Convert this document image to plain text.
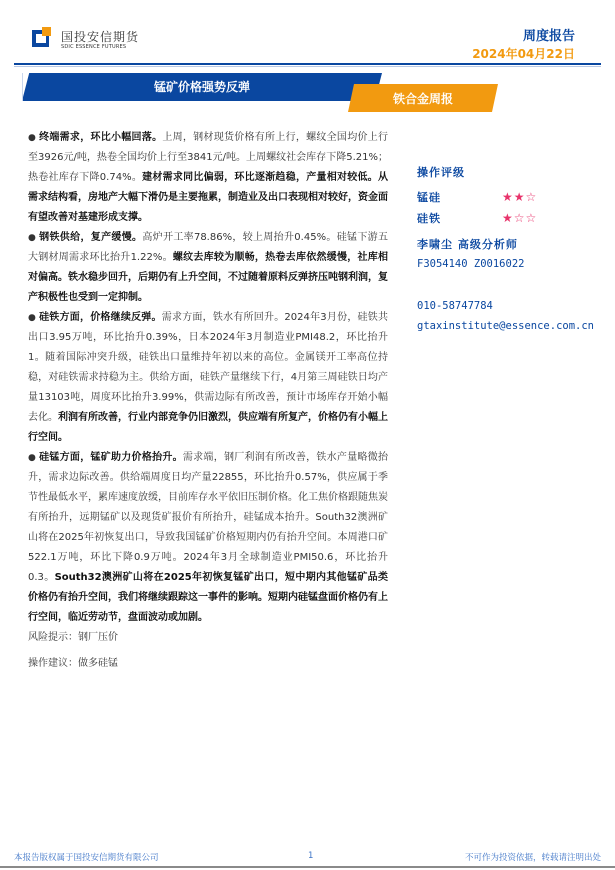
国投安信期货
SDIC ESSENCE FUTURES
周度报告
2024年04月22日
锰矿价格强势反弹
铁合金周报

● 终端需求，环比小幅回落。上周，钢材现货价格有所上行，螺纹全国均价上行至3926元/吨，热卷全国均价上行至3841元/吨。上周螺纹社会库存下降5.21%；热卷社库存下降0.74%。建材需求同比偏弱，环比逐渐趋稳，产量相对较低。从需求结构看，房地产大幅下滑仍是主要拖累，制造业及出口表现相对较好，资金面有望改善对基建形成支撑。

● 钢铁供给，复产缓慢。高炉开工率78.86%，较上周抬升0.45%。硅锰下游五大钢材周需求环比抬升1.22%。螺纹去库较为顺畅，热卷去库依然缓慢，社库相对偏高。铁水稳步回升，后期仍有上升空间，不过随着原料反弹挤压吨钢利润，复产积极性也受到一定抑制。

● 硅铁方面，价格继续反弹。需求方面，铁水有所回升。2024年3月份，硅铁共出口3.95万吨，环比抬升0.39%，日本2024年3月制造业PMI48.2，环比抬升1。随着国际冲突升级，硅铁出口量维持年初以来的高位。金属镁开工率高位持稳，对硅铁需求持稳为主。供给方面，硅铁产量继续下行，4月第三周硅铁日均产量13103吨，周度环比抬升3.99%，供需边际有所改善，预计市场库存开始小幅去化。利润有所改善，行业内部竞争仍旧激烈，供应端有所复产，价格仍有小幅上行空间。

● 硅锰方面，锰矿助力价格抬升。需求端，钢厂利润有所改善，铁水产量略微抬升，需求边际改善。供给端周度日均产量22855，环比抬升0.57%，供应属于季节性最低水平，累库速度放缓，目前库存水平依旧压制价格。化工焦价格跟随焦炭有所抬升，远期锰矿以及现货矿报价有所抬升，硅锰成本抬升。South32澳洲矿山将在2025年初恢复出口，导致我国锰矿价格短期内仍有抬升空间。本周港口矿522.1万吨，环比下降0.9万吨。2024年3月全球制造业PMI50.6，环比抬升0.3。South32澳洲矿山将在2025年初恢复锰矿出口，短中期内其他锰矿品类价格仍有抬升空间，我们将继续跟踪这一事件的影响。短期内硅锰盘面价格仍有上行空间，临近劳动节，盘面波动或加剧。

风险提示：钢厂压价

操作建议：做多硅锰

操作评级
锰硅	★★☆
硅铁	★☆☆
李啸尘 高级分析师
F3054140 Z0016022
010-58747784
gtaxinstitute@essence.com.cn
本报告版权属于国投安信期货有限公司	1	不可作为投资依据，转载请注明出处
